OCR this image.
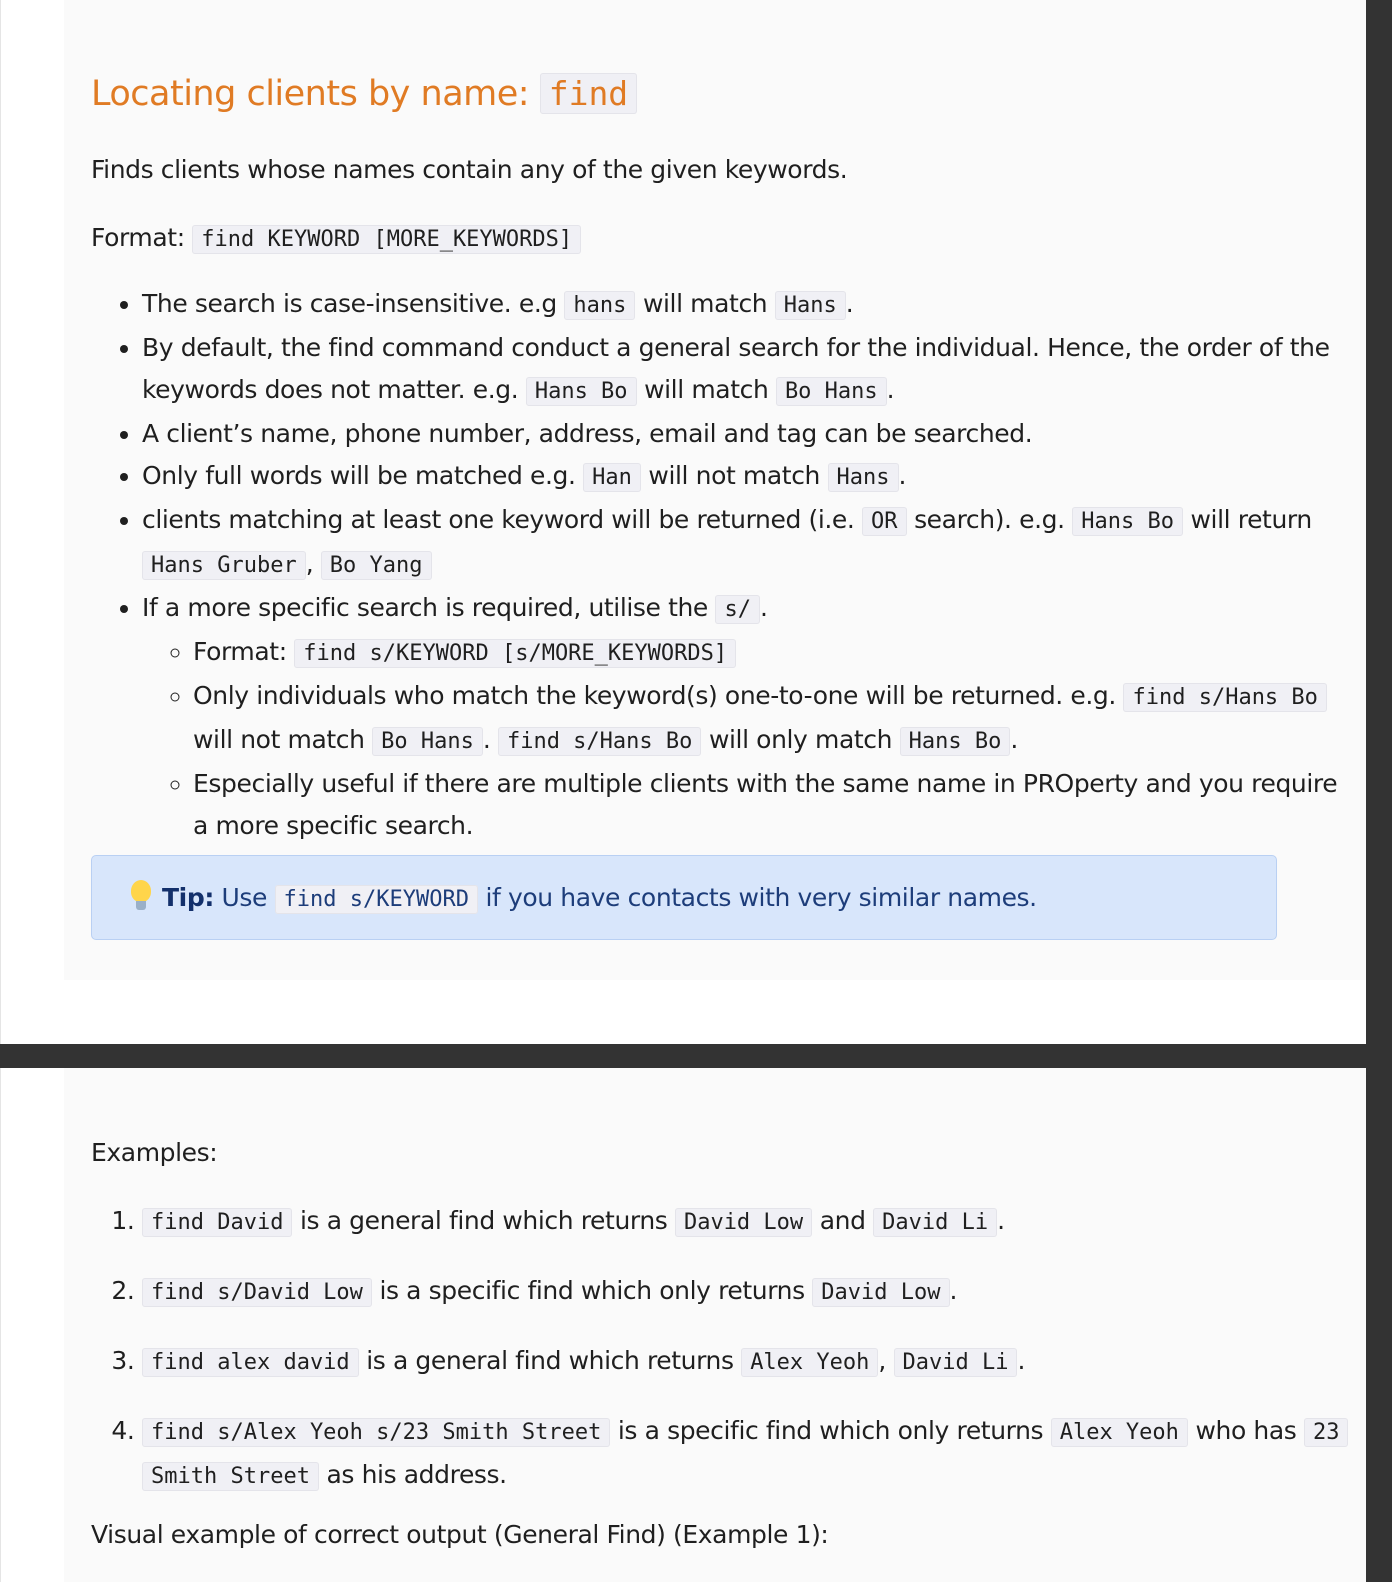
Locating clients by name: find

Finds clients whose names contain any of the given keywords.

Format: find KEYWORD [MORE_KEYWORDS]

• The search is case-insensitive. e.g hans will match Hans .
• By default, the find command conduct a general search for the individual. Hence, the order of the keywords does not matter. e.g. Hans Bo will match Bo Hans .
• A client’s name, phone number, address, email and tag can be searched.
• Only full words will be matched e.g. Han will not match Hans .
• clients matching at least one keyword will be returned (i.e. OR search). e.g. Hans Bo will return Hans Gruber , Bo Yang
• If a more specific search is required, utilise the s/ .
◦ Format: find s/KEYWORD [s/MORE_KEYWORDS]
◦ Only individuals who match the keyword(s) one-to-one will be returned. e.g. find s/Hans Bo will not match Bo Hans . find s/Hans Bo will only match Hans Bo .
◦ Especially useful if there are multiple clients with the same name in PROperty and you require a more specific search.
Tip: Use find s/KEYWORD if you have contacts with very similar names.

Examples:

1. find David is a general find which returns David Low and David Li .
2. find s/David Low is a specific find which only returns David Low .
3. find alex david is a general find which returns Alex Yeoh , David Li .
4. find s/Alex Yeoh s/23 Smith Street is a specific find which only returns Alex Yeoh who has 23 Smith Street as his address.

Visual example of correct output (General Find) (Example 1):
